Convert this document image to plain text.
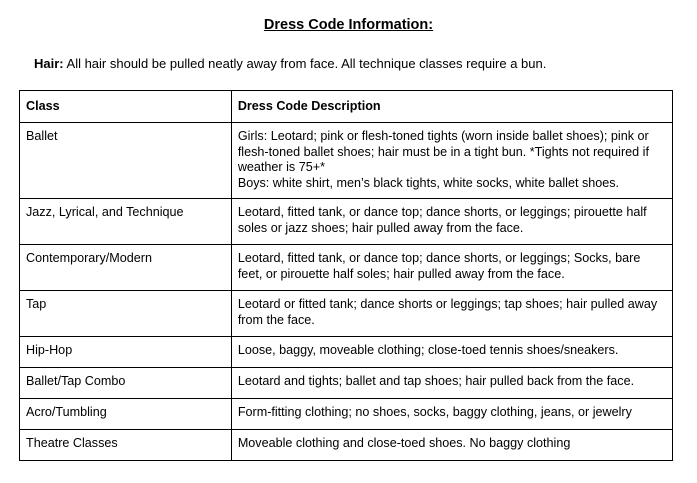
Dress Code Information:
Hair: All hair should be pulled neatly away from face. All technique classes require a bun.
Class	Dress Code Description
Ballet	Girls: Leotard; pink or flesh-toned tights (worn inside ballet shoes); pink or flesh-toned ballet shoes; hair must be in a tight bun. *Tights not required if weather is 75+*
Boys: white shirt, men’s black tights, white socks, white ballet shoes.

Jazz, Lyrical, and Technique	Leotard, fitted tank, or dance top; dance shorts, or leggings; pirouette half soles or jazz shoes; hair pulled away from the face.
Contemporary/Modern	Leotard, fitted tank, or dance top; dance shorts, or leggings; Socks, bare feet, or pirouette half soles; hair pulled away from the face.
Tap	Leotard or fitted tank; dance shorts or leggings; tap shoes; hair pulled away from the face.
Hip-Hop	Loose, baggy, moveable clothing; close-toed tennis shoes/sneakers.
Ballet/Tap Combo	Leotard and tights; ballet and tap shoes; hair pulled back from the face.
Acro/Tumbling	Form-fitting clothing; no shoes, socks, baggy clothing, jeans, or jewelry
Theatre Classes	Moveable clothing and close-toed shoes. No baggy clothing
